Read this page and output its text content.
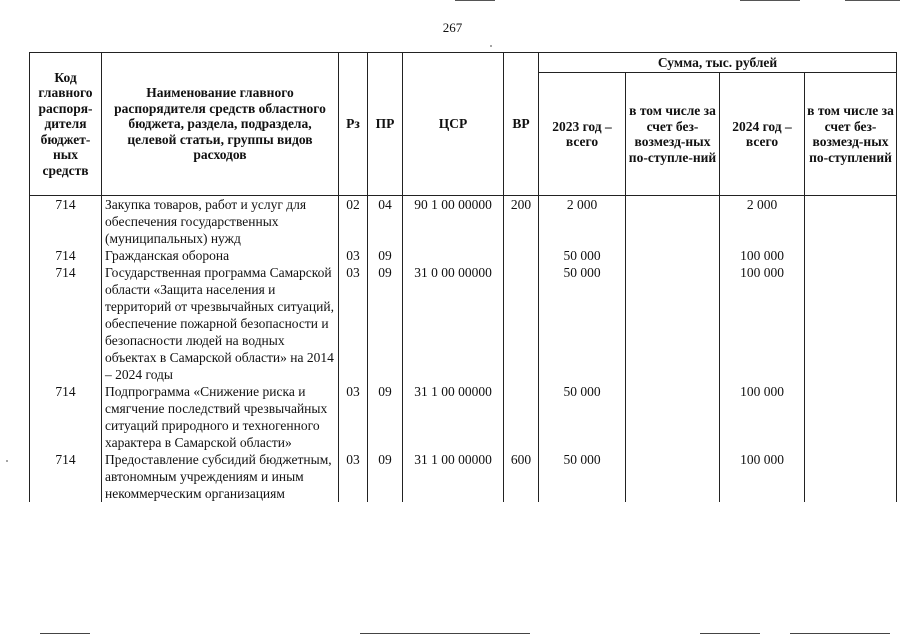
267
Код главного распоря-дителя бюджет-ных средств	Наименование главного распорядителя средств областного бюджета, раздела, подраздела, целевой статьи, группы видов расходов	Рз	ПР	ЦСР	ВР	Сумма, тыс. рублей			
						2023 год – всего	в том числе за счет без-возмезд-ных по-ступле-ний	2024 год – всего	в том числе за счет без-возмезд-ных по-ступлений
714	Закупка товаров, работ и услуг для обеспечения государственных (муниципальных) нужд	02	04	90 1 00 00000	200	2 000		2 000	
714	Гражданская оборона	03	09			50 000		100 000	
714	Государственная программа Самарской области «Защита населения и территорий от чрезвычайных ситуаций, обеспечение пожарной безопасности и безопасности людей на водных объектах в Самарской области» на 2014 – 2024 годы	03	09	31 0 00 00000		50 000		100 000	
714	Подпрограмма «Снижение риска и смягчение последствий чрезвычайных ситуаций природного и техногенного характера в Самарской области»	03	09	31 1 00 00000		50 000		100 000	
714	Предоставление субсидий бюджетным, автономным учреждениям и иным некоммерческим организациям	03	09	31 1 00 00000	600	50 000		100 000	
